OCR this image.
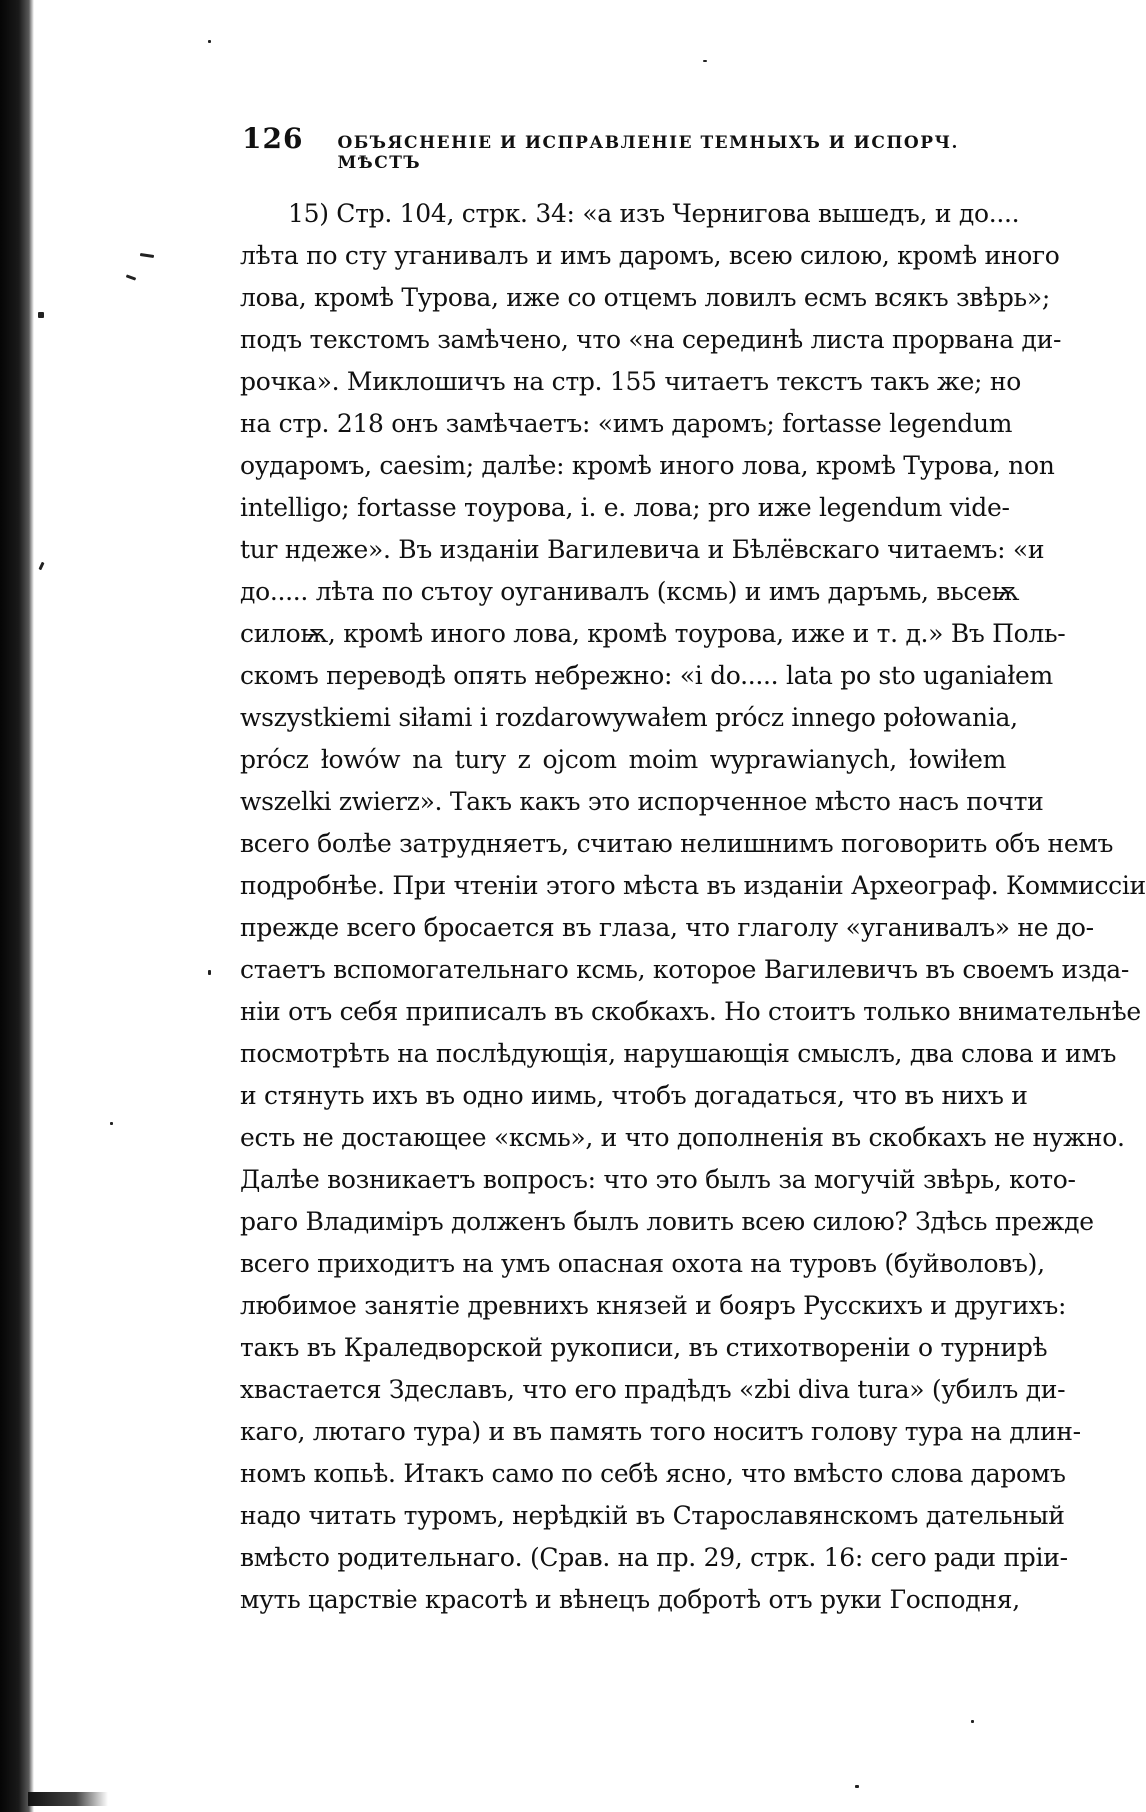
126 ОБЪЯСНЕНІЕ И ИСПРАВЛЕНІЕ ТЕМНЫХЪ И ИСПОРЧ. МѢСТЪ
15) Стр. 104, стрк. 34: «а изъ Чернигова вышедъ, и до....
лѣта по сту уганивалъ и имъ даромъ, всею силою, кромѣ иного
лова, кромѣ Турова, иже со отцемъ ловилъ есмъ всякъ звѣрь»;
подъ текстомъ замѣчено, что «на серединѣ листа прорвана ди-
рочка». Миклошичъ на стр. 155 читаетъ текстъ такъ же; но
на стр. 218 онъ замѣчаетъ: «имъ даромъ; fortasse legendum
оударомъ, caesim; далѣе: кромѣ иного лова, кромѣ Турова, non
intelligo; fortasse тоурова, i. e. лова; pro иже legendum vide-
tur ндеже». Въ изданіи Вагилевича и Бѣлёвскаго читаемъ: «и
до..... лѣта по сътоу оуганивалъ (ксмь) и имъ даръмь, вьсеѭ
силоѭ, кромѣ иного лова, кромѣ тоурова, иже и т. д.» Въ Поль-
скомъ переводѣ опять небрежно: «i do..... lata po sto uganiałem
wszystkiemi siłami i rozdarowywałem prócz innego połowania,
prócz łowów na tury z ojcom moim wyprawianych, łowiłem
wszelki zwierz». Такъ какъ это испорченное мѣсто насъ почти
всего болѣе затрудняетъ, считаю нелишнимъ поговорить объ немъ
подробнѣе. При чтеніи этого мѣста въ изданіи Археограф. Коммиссіи
прежде всего бросается въ глаза, что глаголу «уганивалъ» не до-
стаетъ вспомогательнаго ксмь, которое Вагилевичъ въ своемъ изда-
ніи отъ себя приписалъ въ скобкахъ. Но стоитъ только внимательнѣе
посмотрѣть на послѣдующія, нарушающія смыслъ, два слова и имъ
и стянуть ихъ въ одно иимь, чтобъ догадаться, что въ нихъ и
есть не достающее «ксмь», и что дополненія въ скобкахъ не нужно.
Далѣе возникаетъ вопросъ: что это былъ за могучій звѣрь, кото-
раго Владиміръ долженъ былъ ловить всею силою? Здѣсь прежде
всего приходитъ на умъ опасная охота на туровъ (буйволовъ),
любимое занятіе древнихъ князей и бояръ Русскихъ и другихъ:
такъ въ Краледворской рукописи, въ стихотвореніи о турнирѣ
хвастается Здеславъ, что его прадѣдъ «zbi diva tura» (убилъ ди-
каго, лютаго тура) и въ память того носитъ голову тура на длин-
номъ копьѣ. Итакъ само по себѣ ясно, что вмѣсто слова даромъ
надо читать туромъ, нерѣдкій въ Старославянскомъ дательный
вмѣсто родительнаго. (Срав. на пр. 29, стрк. 16: сего ради прiи-
муть царствiе красотѣ и вѣнецъ добротѣ отъ руки Господня,
